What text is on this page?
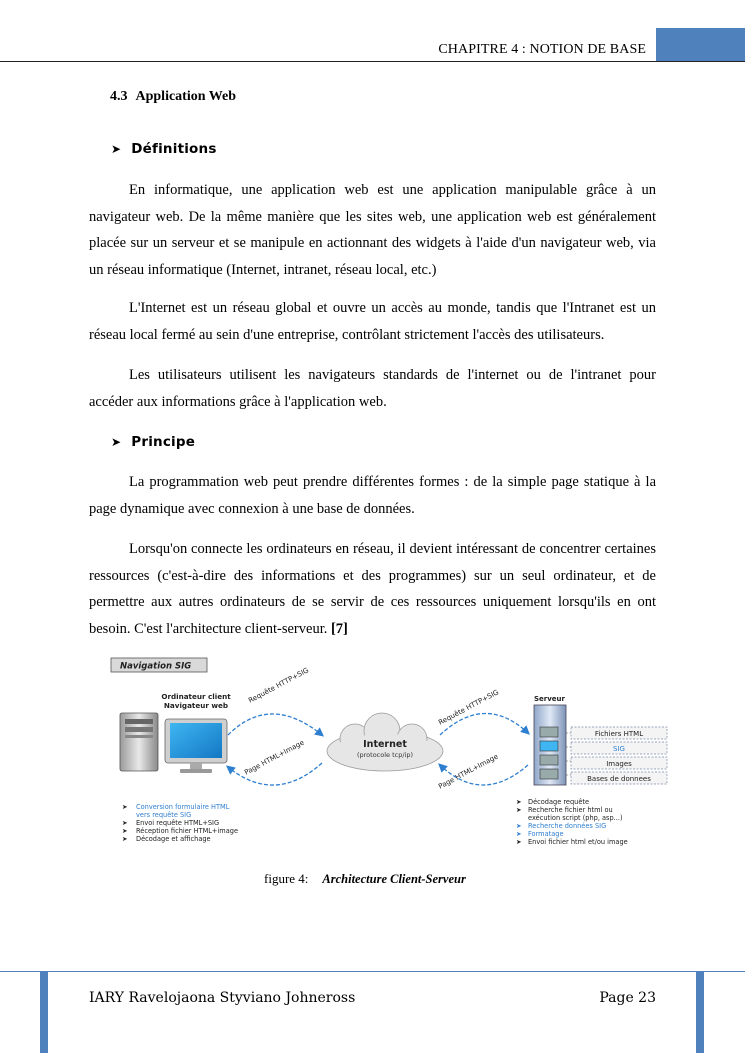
CHAPITRE 4 : NOTION DE BASE
4.3 Application Web
➤ Définitions

En informatique, une application web est une application manipulable grâce à un navigateur web. De la même manière que les sites web, une application web est généralement placée sur un serveur et se manipule en actionnant des widgets à l'aide d'un navigateur web, via un réseau informatique (Internet, intranet, réseau local, etc.)

L'Internet est un réseau global et ouvre un accès au monde, tandis que l'Intranet est un réseau local fermé au sein d'une entreprise, contrôlant strictement l'accès des utilisateurs.

Les utilisateurs utilisent les navigateurs standards de l'internet ou de l'intranet pour accéder aux informations grâce à l'application web.

➤ Principe

La programmation web peut prendre différentes formes : de la simple page statique à la page dynamique avec connexion à une base de données.

Lorsqu'on connecte les ordinateurs en réseau, il devient intéressant de concentrer certaines ressources (c'est-à-dire des informations et des programmes) sur un seul ordinateur, et de permettre aux autres ordinateurs de se servir de ces ressources uniquement lorsqu'ils en ont besoin. C'est l'architecture client-serveur. [7]

Navigation SIG
Ordinateur client
Navigateur web
Requête HTTP+SIG
Page HTML+Image	Internet
(protocole tcp/ip)
Requête HTTP+SIG
Page HTML+Image
Serveur
Fichiers HTML
SIG
Images
Bases de donnees
➤ Conversion formulaire HTML
vers requête SIG
➤ Envoi requête HTML+SIG
➤ Réception fichier HTML+image
➤ Décodage et affichage
➤ Décodage requête
➤ Recherche fichier html ou
exécution script (php, asp...)
➤ Recherche données SIG
➤ Formatage
➤ Envoi fichier html et/ou image
figure 4: Architecture Client-Serveur
IARY Ravelojaona Styviano Johneross	Page 23
